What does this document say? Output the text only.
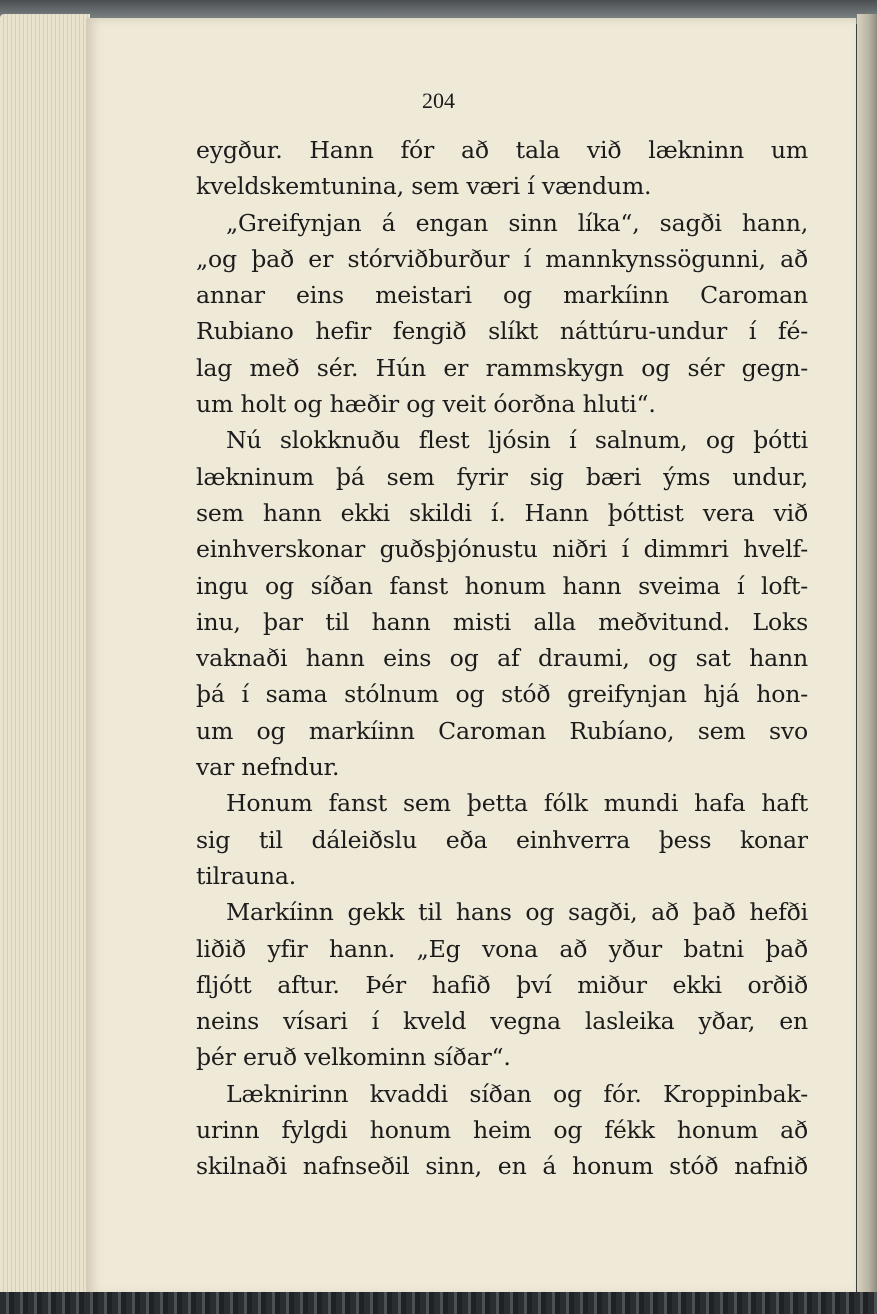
204
eygður. Hann fór að tala við lækninn um
kveldskemtunina, sem væri í vændum.
„Greifynjan á engan sinn líka“, sagði hann,
„og það er stórviðburður í mannkynssögunni, að
annar eins meistari og markíinn Caroman
Rubiano hefir fengið slíkt náttúru-undur í fé-
lag með sér. Hún er rammskygn og sér gegn-
um holt og hæðir og veit óorðna hluti“.
Nú slokknuðu flest ljósin í salnum, og þótti
lækninum þá sem fyrir sig bæri ýms undur,
sem hann ekki skildi í. Hann þóttist vera við
einhverskonar guðsþjónustu niðri í dimmri hvelf-
ingu og síðan fanst honum hann sveima í loft-
inu, þar til hann misti alla meðvitund. Loks
vaknaði hann eins og af draumi, og sat hann
þá í sama stólnum og stóð greifynjan hjá hon-
um og markíinn Caroman Rubíano, sem svo
var nefndur.
Honum fanst sem þetta fólk mundi hafa haft
sig til dáleiðslu eða einhverra þess konar
tilrauna.
Markíinn gekk til hans og sagði, að það hefði
liðið yfir hann. „Eg vona að yður batni það
fljótt aftur. Þér hafið því miður ekki orðið
neins vísari í kveld vegna lasleika yðar, en
þér eruð velkominn síðar“.
Læknirinn kvaddi síðan og fór. Kroppinbak-
urinn fylgdi honum heim og fékk honum að
skilnaði nafnseðil sinn, en á honum stóð nafnið
